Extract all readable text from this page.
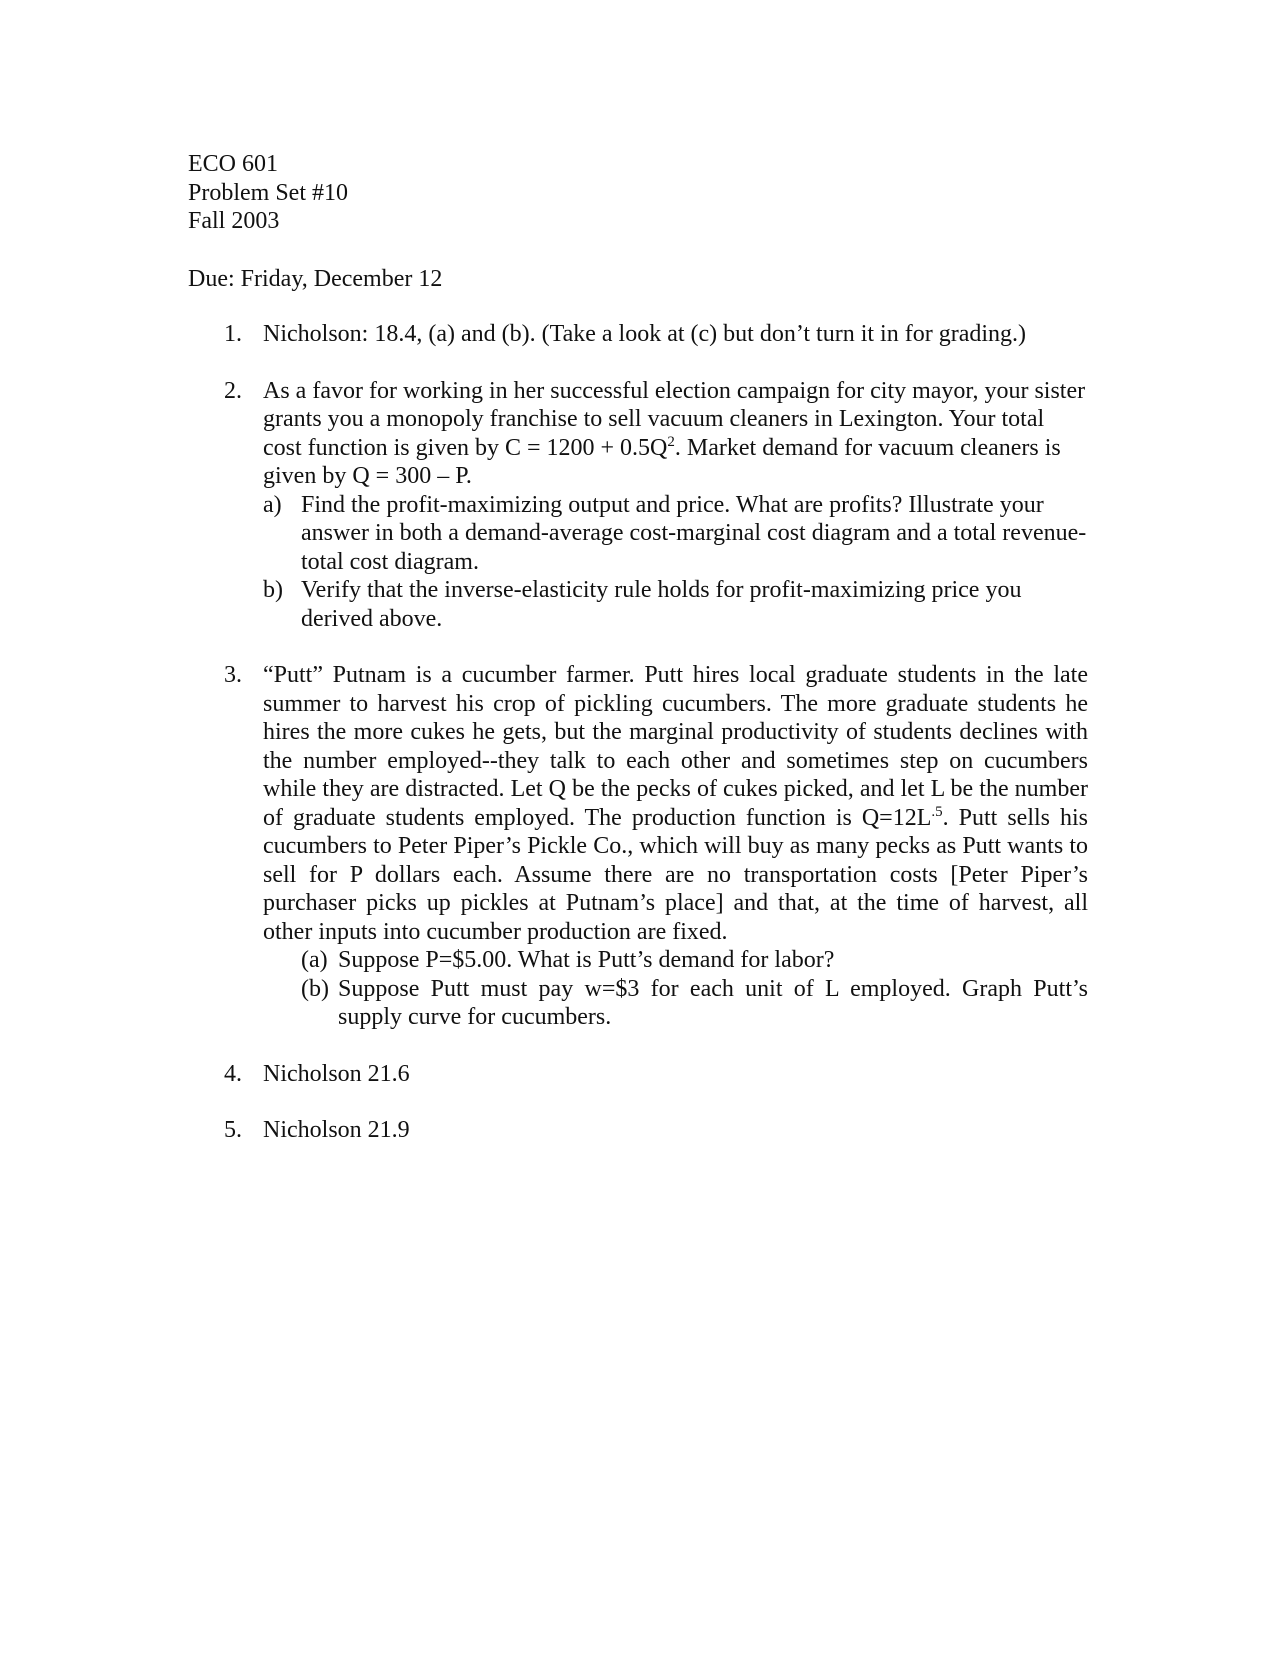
ECO 601
Problem Set #10
Fall 2003
Due: Friday, December 12
1. Nicholson: 18.4, (a) and (b). (Take a look at (c) but don’t turn it in for grading.)
2. As a favor for working in her successful election campaign for city mayor, your sister grants you a monopoly franchise to sell vacuum cleaners in Lexington. Your total cost function is given by $C = 1200 + 0.5Q^2$. Market demand for vacuum cleaners is given by Q = 300 – P.
a) Find the profit-maximizing output and price. What are profits? Illustrate your answer in both a demand-average cost-marginal cost diagram and a total revenue-total cost diagram.
b) Verify that the inverse-elasticity rule holds for profit-maximizing price you derived above.
3. “Putt” Putnam is a cucumber farmer. Putt hires local graduate students in the late summer to harvest his crop of pickling cucumbers. The more graduate students he hires the more cukes he gets, but the marginal productivity of students declines with the number employed--they talk to each other and sometimes step on cucumbers while they are distracted. Let Q be the pecks of cukes picked, and let L be the number of graduate students employed. The production function is $Q=12L^{.5}$. Putt sells his cucumbers to Peter Piper’s Pickle Co., which will buy as many pecks as Putt wants to sell for P dollars each. Assume there are no transportation costs [Peter Piper’s purchaser picks up pickles at Putnam’s place] and that, at the time of harvest, all other inputs into cucumber production are fixed.
(a) Suppose P=$5.00. What is Putt’s demand for labor?
(b) Suppose Putt must pay w=$3 for each unit of L employed. Graph Putt’s supply curve for cucumbers.
4. Nicholson 21.6
5. Nicholson 21.9
